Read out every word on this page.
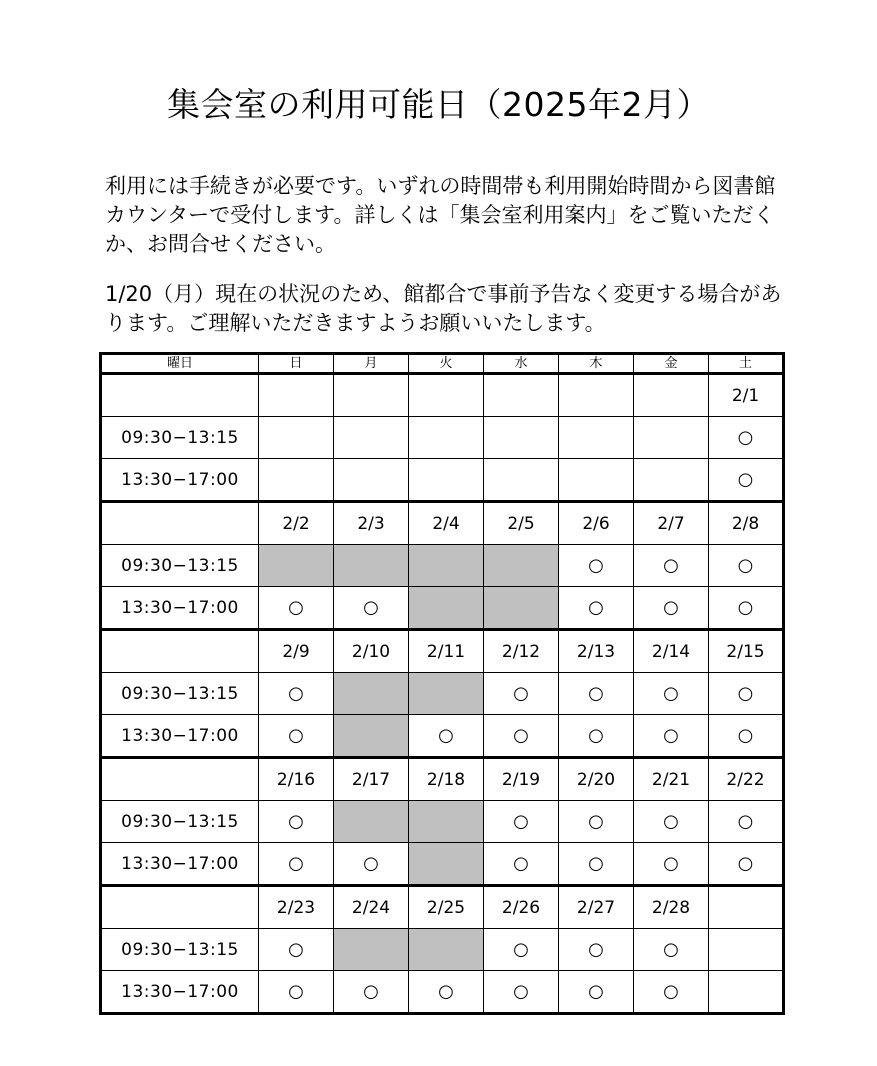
集会室の利用可能日（2025年2月）

利用には手続きが必要です。いずれの時間帯も利用開始時間から図書館カウンターで受付します。詳しくは「集会室利用案内」をご覧いただくか、お問合せください。

1/20（月）現在の状況のため、館都合で事前予告なく変更する場合があります。ご理解いただきますようお願いいたします。

曜日	日	月	火	水	木	金	土
							2/1
09:30−13:15							○
13:30−17:00							○
	2/2	2/3	2/4	2/5	2/6	2/7	2/8
09:30−13:15					○	○	○
13:30−17:00	○	○			○	○	○
	2/9	2/10	2/11	2/12	2/13	2/14	2/15
09:30−13:15	○			○	○	○	○
13:30−17:00	○		○	○	○	○	○
	2/16	2/17	2/18	2/19	2/20	2/21	2/22
09:30−13:15	○			○	○	○	○
13:30−17:00	○	○		○	○	○	○
	2/23	2/24	2/25	2/26	2/27	2/28	
09:30−13:15	○			○	○	○	
13:30−17:00	○	○	○	○	○	○	
